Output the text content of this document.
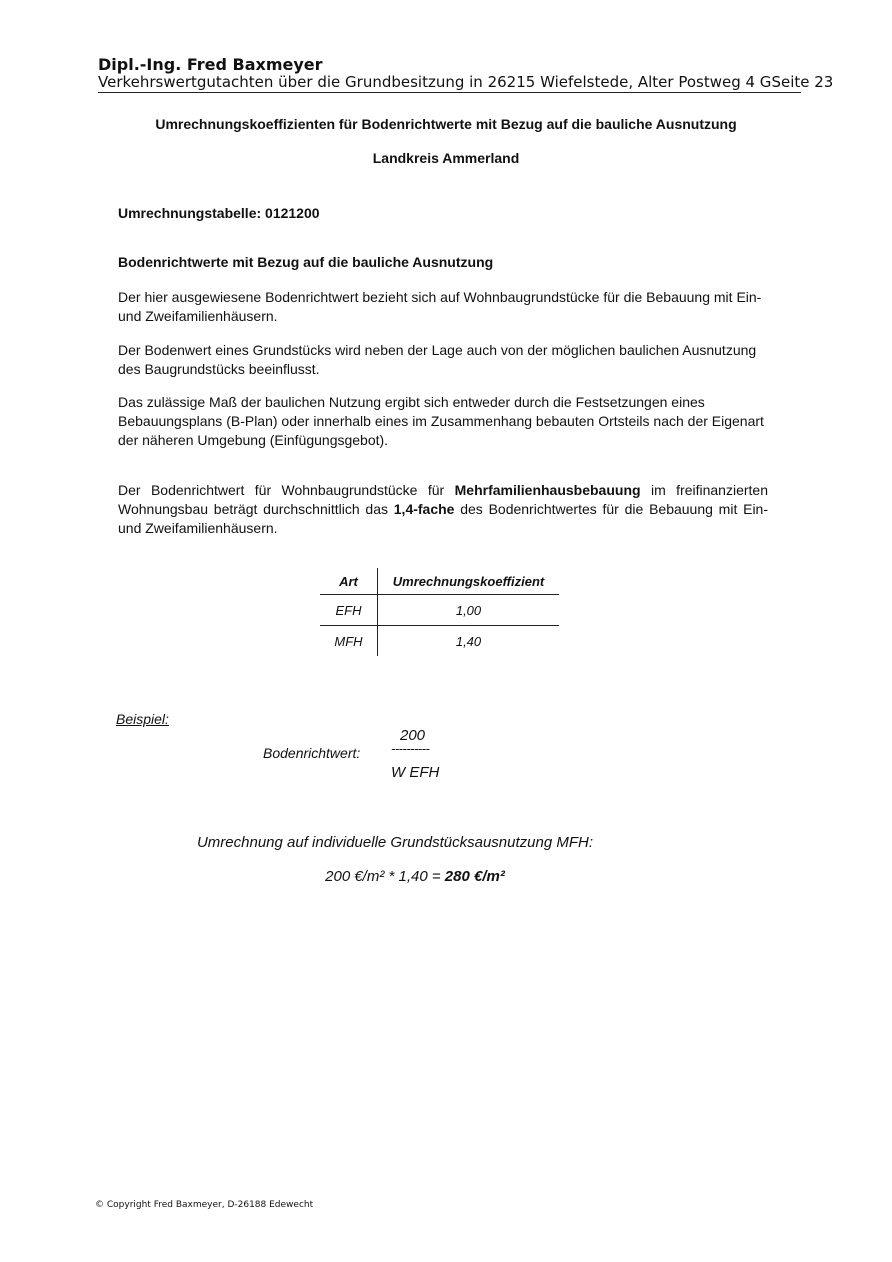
Dipl.-Ing. Fred Baxmeyer
Verkehrswertgutachten über die Grundbesitzung in 26215 Wiefelstede, Alter Postweg 4 G Seite 23
Umrechnungskoeffizienten für Bodenrichtwerte mit Bezug auf die bauliche Ausnutzung
Landkreis Ammerland
Umrechnungstabelle: 0121200
Bodenrichtwerte mit Bezug auf die bauliche Ausnutzung
Der hier ausgewiesene Bodenrichtwert bezieht sich auf Wohnbaugrundstücke für die Bebauung mit Ein- und Zweifamilienhäusern.
Der Bodenwert eines Grundstücks wird neben der Lage auch von der möglichen baulichen Ausnutzung des Baugrundstücks beeinflusst.
Das zulässige Maß der baulichen Nutzung ergibt sich entweder durch die Festsetzungen eines Bebauungsplans (B-Plan) oder innerhalb eines im Zusammenhang bebauten Ortsteils nach der Eigenart der näheren Umgebung (Einfügungsgebot).
Der Bodenrichtwert für Wohnbaugrundstücke für Mehrfamilienhausbebauung im freifinanzierten Wohnungsbau beträgt durchschnittlich das 1,4-fache des Bodenrichtwertes für die Bebauung mit Ein- und Zweifamilienhäusern.
Art	Umrechnungskoeffizient
EFH	1,00
MFH	1,40
Beispiel:
Bodenrichtwert:
200
----------
W EFH
Umrechnung auf individuelle Grundstücksausnutzung MFH:
200 €/m² * 1,40 = 280 €/m²
© Copyright Fred Baxmeyer, D-26188 Edewecht
